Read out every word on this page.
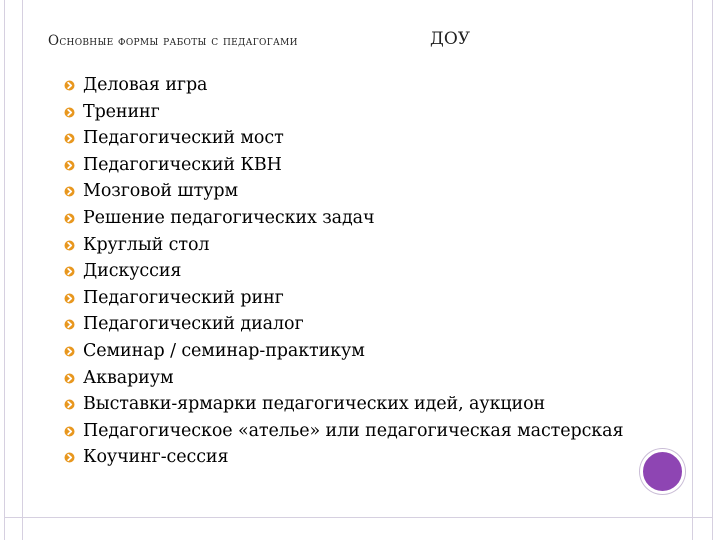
Основные формы работы с педагогами	ДОУ
Деловая игра
Тренинг
Педагогический мост
Педагогический КВН
Мозговой штурм
Решение педагогических задач
Круглый стол
Дискуссия
Педагогический ринг
Педагогический диалог
Семинар / семинар-практикум
Аквариум
Выставки-ярмарки педагогических идей, аукцион
Педагогическое «ателье» или педагогическая мастерская
Коучинг-сессия
